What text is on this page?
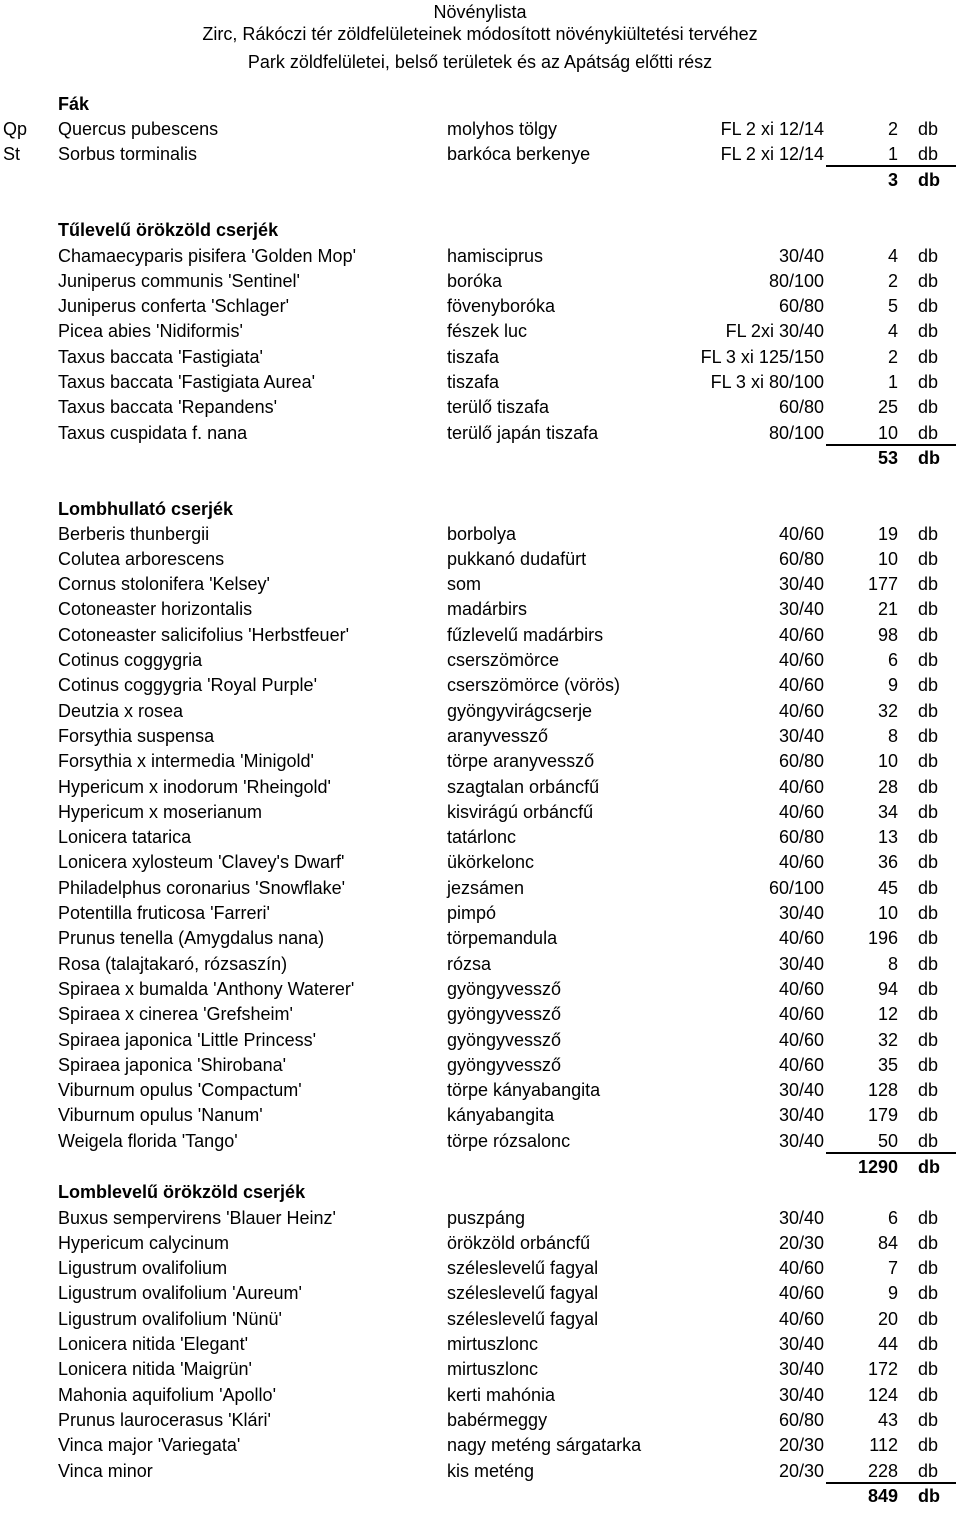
Növénylista
Zirc, Rákóczi tér zöldfelületeinek módosított növénykiültetési tervéhez
Park zöldfelületei, belső területek és az Apátság előtti rész
Fák
Qp Quercus pubescens	molyhos tölgy	FL 2 xi 12/14	2 db
St Sorbus torminalis	barkóca berkenye	FL 2 xi 12/14	1 db
3 db
Tűlevelű örökzöld cserjék
Chamaecyparis pisifera 'Golden Mop'	hamisciprus	30/40	4 db
Juniperus communis 'Sentinel'	boróka	80/100	2 db
Juniperus conferta 'Schlager'	fövenyboróka	60/80	5 db
Picea abies 'Nidiformis'	fészek luc	FL 2xi 30/40	4 db
Taxus baccata 'Fastigiata'	tiszafa	FL 3 xi 125/150	2 db
Taxus baccata 'Fastigiata Aurea'	tiszafa	FL 3 xi 80/100	1 db
Taxus baccata 'Repandens'	terülő tiszafa	60/80	25 db
Taxus cuspidata f. nana	terülő japán tiszafa	80/100	10 db
53 db
Lombhullató cserjék
Berberis thunbergii	borbolya	40/60	19 db
Colutea arborescens	pukkanó dudafürt	60/80	10 db
Cornus stolonifera 'Kelsey'	som	30/40 177 db
Cotoneaster horizontalis	madárbirs	30/40	21 db
Cotoneaster salicifolius 'Herbstfeuer'	fűzlevelű madárbirs	40/60	98 db
Cotinus coggygria	cserszömörce	40/60	6 db
Cotinus coggygria 'Royal Purple'	cserszömörce (vörös)	40/60	9 db
Deutzia x rosea	gyöngyvirágcserje	40/60	32 db
Forsythia suspensa	aranyvessző	30/40	8 db
Forsythia x intermedia 'Minigold'	törpe aranyvessző	60/80	10 db
Hypericum x inodorum 'Rheingold'	szagtalan orbáncfű	40/60	28 db
Hypericum x moserianum	kisvirágú orbáncfű	40/60	34 db
Lonicera tatarica	tatárlonc	60/80	13 db
Lonicera xylosteum 'Clavey's Dwarf'	ükörkelonc	40/60	36 db
Philadelphus coronarius 'Snowflake'	jezsámen	60/100	45 db
Potentilla fruticosa 'Farreri'	pimpó	30/40	10 db
Prunus tenella (Amygdalus nana)	törpemandula	40/60 196 db
Rosa (talajtakaró, rózsaszín)	rózsa	30/40	8 db
Spiraea x bumalda 'Anthony Waterer'	gyöngyvessző	40/60	94 db
Spiraea x cinerea 'Grefsheim'	gyöngyvessző	40/60	12 db
Spiraea japonica 'Little Princess'	gyöngyvessző	40/60	32 db
Spiraea japonica 'Shirobana'	gyöngyvessző	40/60	35 db
Viburnum opulus 'Compactum'	törpe kányabangita	30/40 128 db
Viburnum opulus 'Nanum'	kányabangita	30/40 179 db
Weigela florida 'Tango'	törpe rózsalonc	30/40	50 db
1290 db
Lomblevelű örökzöld cserjék
Buxus sempervirens 'Blauer Heinz'	puszpáng	30/40	6 db
Hypericum calycinum	örökzöld orbáncfű	20/30	84 db
Ligustrum ovalifolium	széleslevelű fagyal	40/60	7 db
Ligustrum ovalifolium 'Aureum'	széleslevelű fagyal	40/60	9 db
Ligustrum ovalifolium 'Nünü'	széleslevelű fagyal	40/60	20 db
Lonicera nitida 'Elegant'	mirtuszlonc	30/40	44 db
Lonicera nitida 'Maigrün'	mirtuszlonc	30/40 172 db
Mahonia aquifolium 'Apollo'	kerti mahónia	30/40 124 db
Prunus laurocerasus 'Klári'	babérmeggy	60/80	43 db
Vinca major 'Variegata'	nagy meténg sárgatarka	20/30	112 db
Vinca minor	kis meténg	20/30 228 db
849 db
